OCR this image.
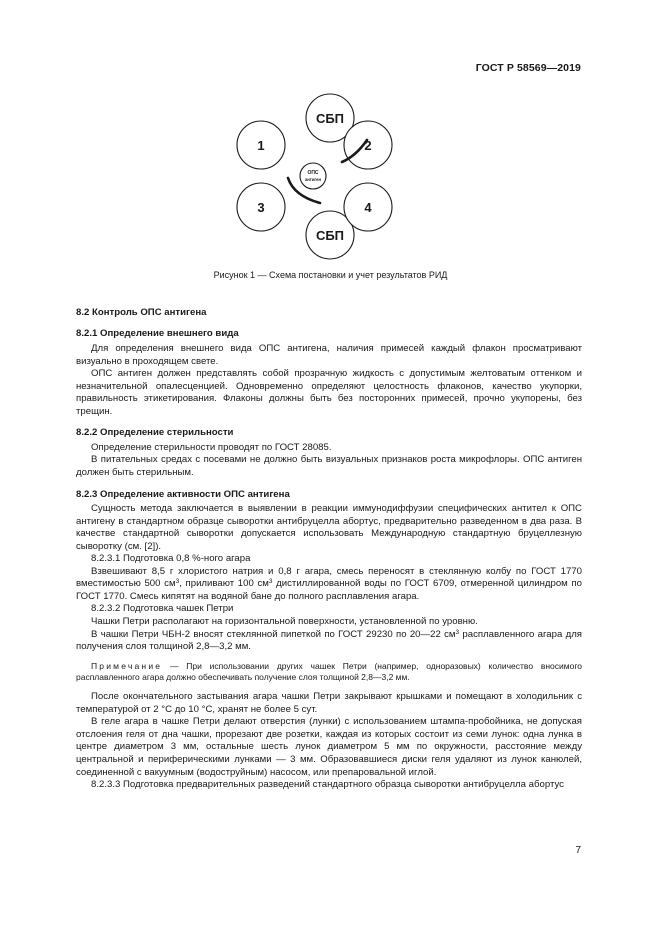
ГОСТ Р 58569—2019
СБП
СБП
1	2
3	4
ОПС
антиген
Рисунок 1 — Схема постановки и учет результатов РИД

8.2 Контроль ОПС антигена

8.2.1 Определение внешнего вида

Для определения внешнего вида ОПС антигена, наличия примесей каждый флакон просматривают визуально в проходящем свете.

ОПС антиген должен представлять собой прозрачную жидкость с допустимым желтоватым оттенком и незначительной опалесценцией. Одновременно определяют целостность флаконов, качество укупорки, правильность этикетирования. Флаконы должны быть без посторонних примесей, прочно укупорены, без трещин.

8.2.2 Определение стерильности

Определение стерильности проводят по ГОСТ 28085.

В питательных средах с посевами не должно быть визуальных признаков роста микрофлоры. ОПС антиген должен быть стерильным.

8.2.3 Определение активности ОПС антигена

Сущность метода заключается в выявлении в реакции иммунодиффузии специфических антител к ОПС антигену в стандартном образце сыворотки антибруцелла абортус, предварительно разведенном в два раза. В качестве стандартной сыворотки допускается использовать Международную стандартную бруцеллезную сыворотку (см. [2]).

8.2.3.1 Подготовка 0,8 %-ного агара

Взвешивают 8,5 г хлористого натрия и 0,8 г агара, смесь переносят в стеклянную колбу по ГОСТ 1770 вместимостью 500 $см^3$, приливают 100 $см^3$ дистиллированной воды по ГОСТ 6709, отмеренной цилиндром по ГОСТ 1770. Смесь кипятят на водяной бане до полного расплавления агара.

8.2.3.2 Подготовка чашек Петри

Чашки Петри располагают на горизонтальной поверхности, установленной по уровню.

В чашки Петри ЧБН-2 вносят стеклянной пипеткой по ГОСТ 29230 по 20—22 $см^3$ расплавленного агара для получения слоя толщиной 2,8—3,2 мм.

Примечание — При использовании других чашек Петри (например, одноразовых) количество вносимого расплавленного агара должно обеспечивать получение слоя толщиной 2,8—3,2 мм.

После окончательного застывания агара чашки Петри закрывают крышками и помещают в холодильник с температурой от 2 °С до 10 °С, хранят не более 5 сут.

В геле агара в чашке Петри делают отверстия (лунки) с использованием штампа-пробойника, не допуская отслоения геля от дна чашки, прорезают две розетки, каждая из которых состоит из семи лунок: одна лунка в центре диаметром 3 мм, остальные шесть лунок диаметром 5 мм по окружности, расстояние между центральной и периферическими лунками — 3 мм. Образовавшиеся диски геля удаляют из лунок канюлей, соединенной с вакуумным (водоструйным) насосом, или препаровальной иглой.

8.2.3.3 Подготовка предварительных разведений стандартного образца сыворотки антибруцелла абортус

7
